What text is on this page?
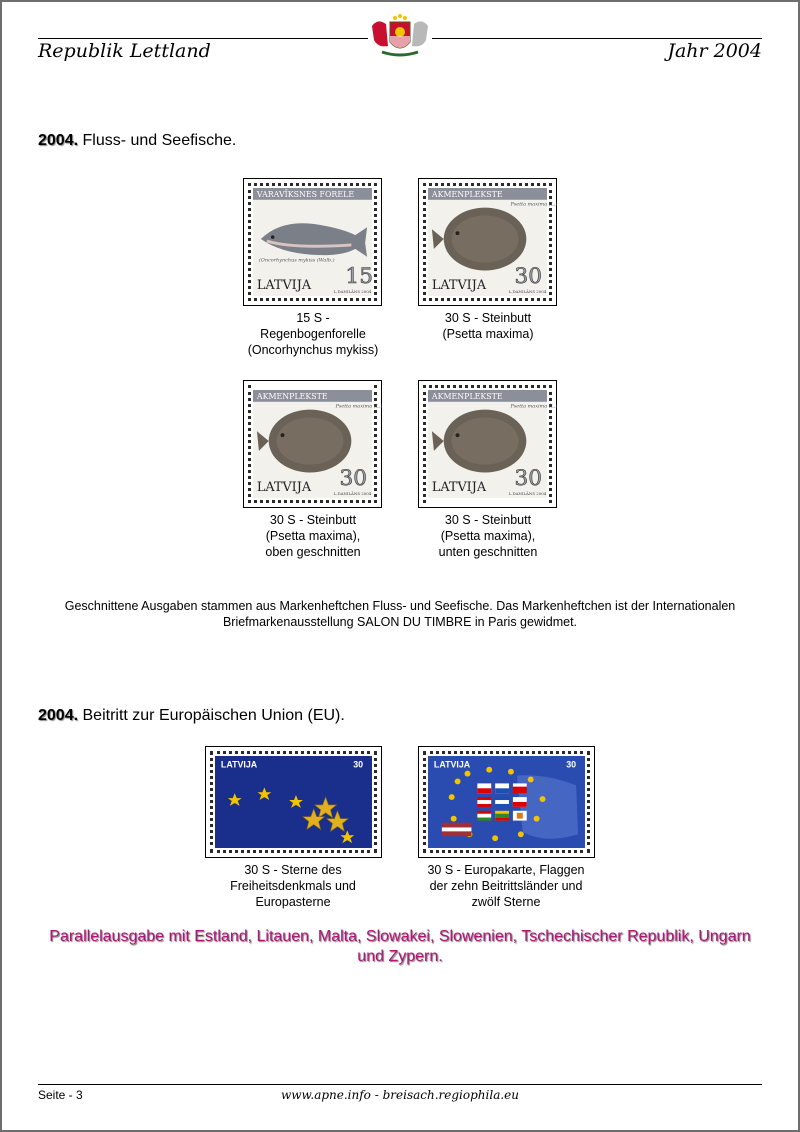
Republik Lettland	Jahr 2004
2004. Fluss- und Seefische.
VARAVĪKSNES FORELE
(Oncorhynchus mykiss (Walb.)
LATVIJA 15
L.DANILĀNS 2004
15 S -
Regenbogenforelle
(Oncorhynchus mykiss)
AKMENPLEKSTE
Psetta maxima (L.)
LATVIJA 30
L.DANILĀNS 2004
30 S - Steinbutt
(Psetta maxima)
AKMENPLEKSTE
Psetta maxima (L.)
LATVIJA 30
L.DANILĀNS 2004
30 S - Steinbutt
(Psetta maxima),
oben geschnitten
AKMENPLEKSTE
Psetta maxima (L.)
LATVIJA 30
L.DANILĀNS 2004
30 S - Steinbutt
(Psetta maxima),
unten geschnitten
Geschnittene Ausgaben stammen aus Markenheftchen Fluss- und Seefische. Das Markenheftchen ist der Internationalen Briefmarkenausstellung SALON DU TIMBRE in Paris gewidmet.
2004. Beitritt zur Europäischen Union (EU).
LATVIJA	30
30 S - Sterne des
Freiheitsdenkmals und
Europasterne
LATVIJA	30
30 S - Europakarte, Flaggen
der zehn Beitrittsländer und
zwölf Sterne
Parallelausgabe mit Estland, Litauen, Malta, Slowakei, Slowenien, Tschechischer Republik, Ungarn und Zypern.
Seite - 3	www.apne.info - breisach.regiophila.eu
